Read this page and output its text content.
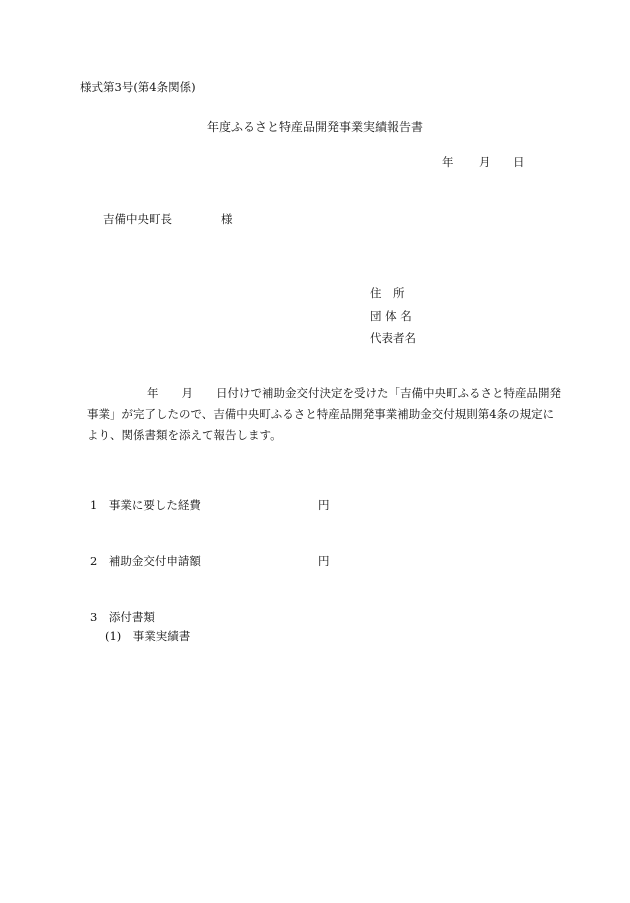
様式第3号(第4条関係)
年度ふるさと特産品開発事業実績報告書
年 月 日
吉備中央町長	様
住　所
団 体 名
代表者名
年 月 日付けで補助金交付決定を受けた「吉備中央町ふるさと特産品開発事業」が完了したので、吉備中央町ふるさと特産品開発事業補助金交付規則第4条の規定により、関係書類を添えて報告します。
1　 事業に要した経費	円
2　 補助金交付申請額	円
3　 添付書類
(1)　 事業実績書
